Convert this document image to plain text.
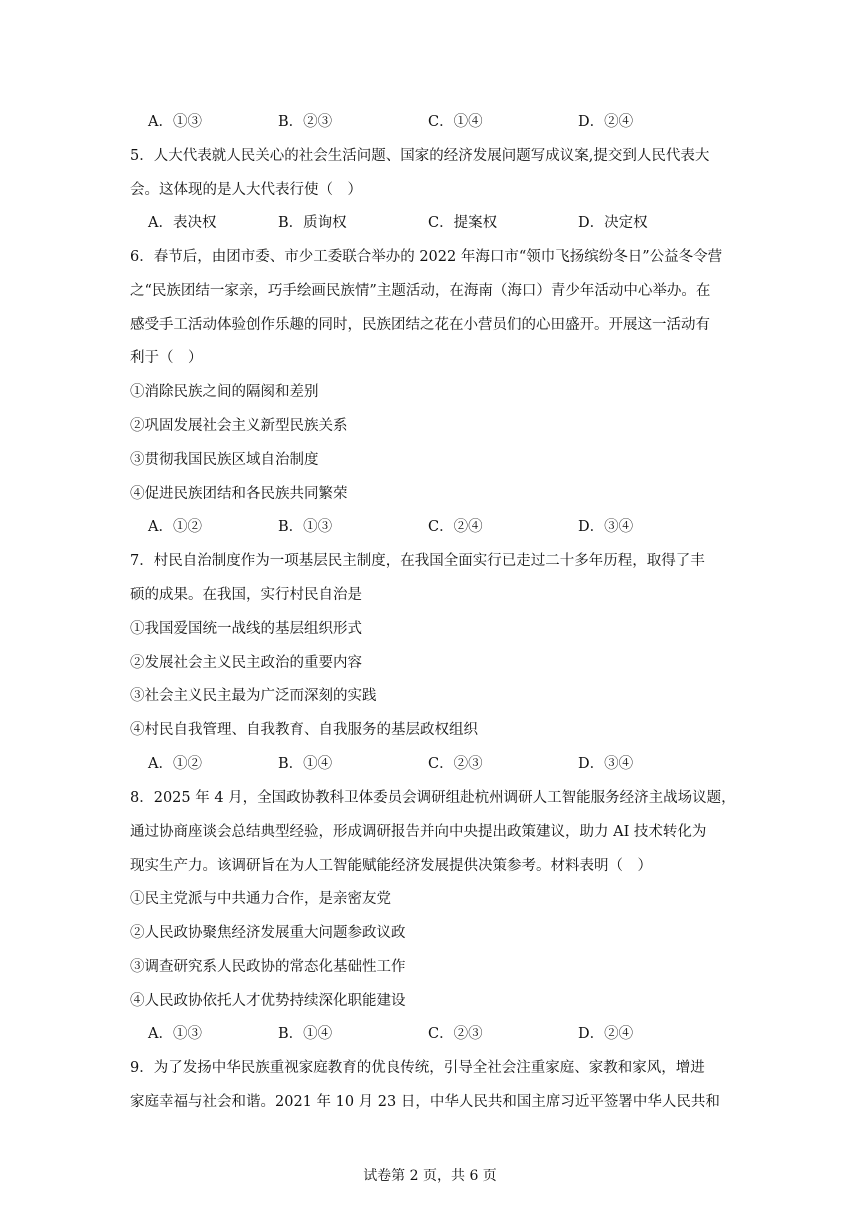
A．①③	B．②③	C．①④	D．②④
5．人大代表就人民关心的社会生活问题、国家的经济发展问题写成议案,提交到人民代表大
会。这体现的是人大代表行使（　）
A．表决权	B．质询权	C．提案权	D．决定权
6．春节后，由团市委、市少工委联合举办的 2022 年海口市“领巾飞扬缤纷冬日”公益冬令营
之“民族团结一家亲，巧手绘画民族情”主题活动，在海南（海口）青少年活动中心举办。在
感受手工活动体验创作乐趣的同时，民族团结之花在小营员们的心田盛开。开展这一活动有
利于（　）
①消除民族之间的隔阂和差别
②巩固发展社会主义新型民族关系
③贯彻我国民族区域自治制度
④促进民族团结和各民族共同繁荣
A．①②	B．①③	C．②④	D．③④
7．村民自治制度作为一项基层民主制度，在我国全面实行已走过二十多年历程，取得了丰
硕的成果。在我国，实行村民自治是
①我国爱国统一战线的基层组织形式
②发展社会主义民主政治的重要内容
③社会主义民主最为广泛而深刻的实践
④村民自我管理、自我教育、自我服务的基层政权组织
A．①②	B．①④	C．②③	D．③④
8．2025 年 4 月，全国政协教科卫体委员会调研组赴杭州调研人工智能服务经济主战场议题，
通过协商座谈会总结典型经验，形成调研报告并向中央提出政策建议，助力 AI 技术转化为
现实生产力。该调研旨在为人工智能赋能经济发展提供决策参考。材料表明（　）
①民主党派与中共通力合作，是亲密友党
②人民政协聚焦经济发展重大问题参政议政
③调查研究系人民政协的常态化基础性工作
④人民政协依托人才优势持续深化职能建设
A．①③	B．①④	C．②③	D．②④
9．为了发扬中华民族重视家庭教育的优良传统，引导全社会注重家庭、家教和家风，增进
家庭幸福与社会和谐。2021 年 10 月 23 日，中华人民共和国主席习近平签署中华人民共和
试卷第 2 页，共 6 页
